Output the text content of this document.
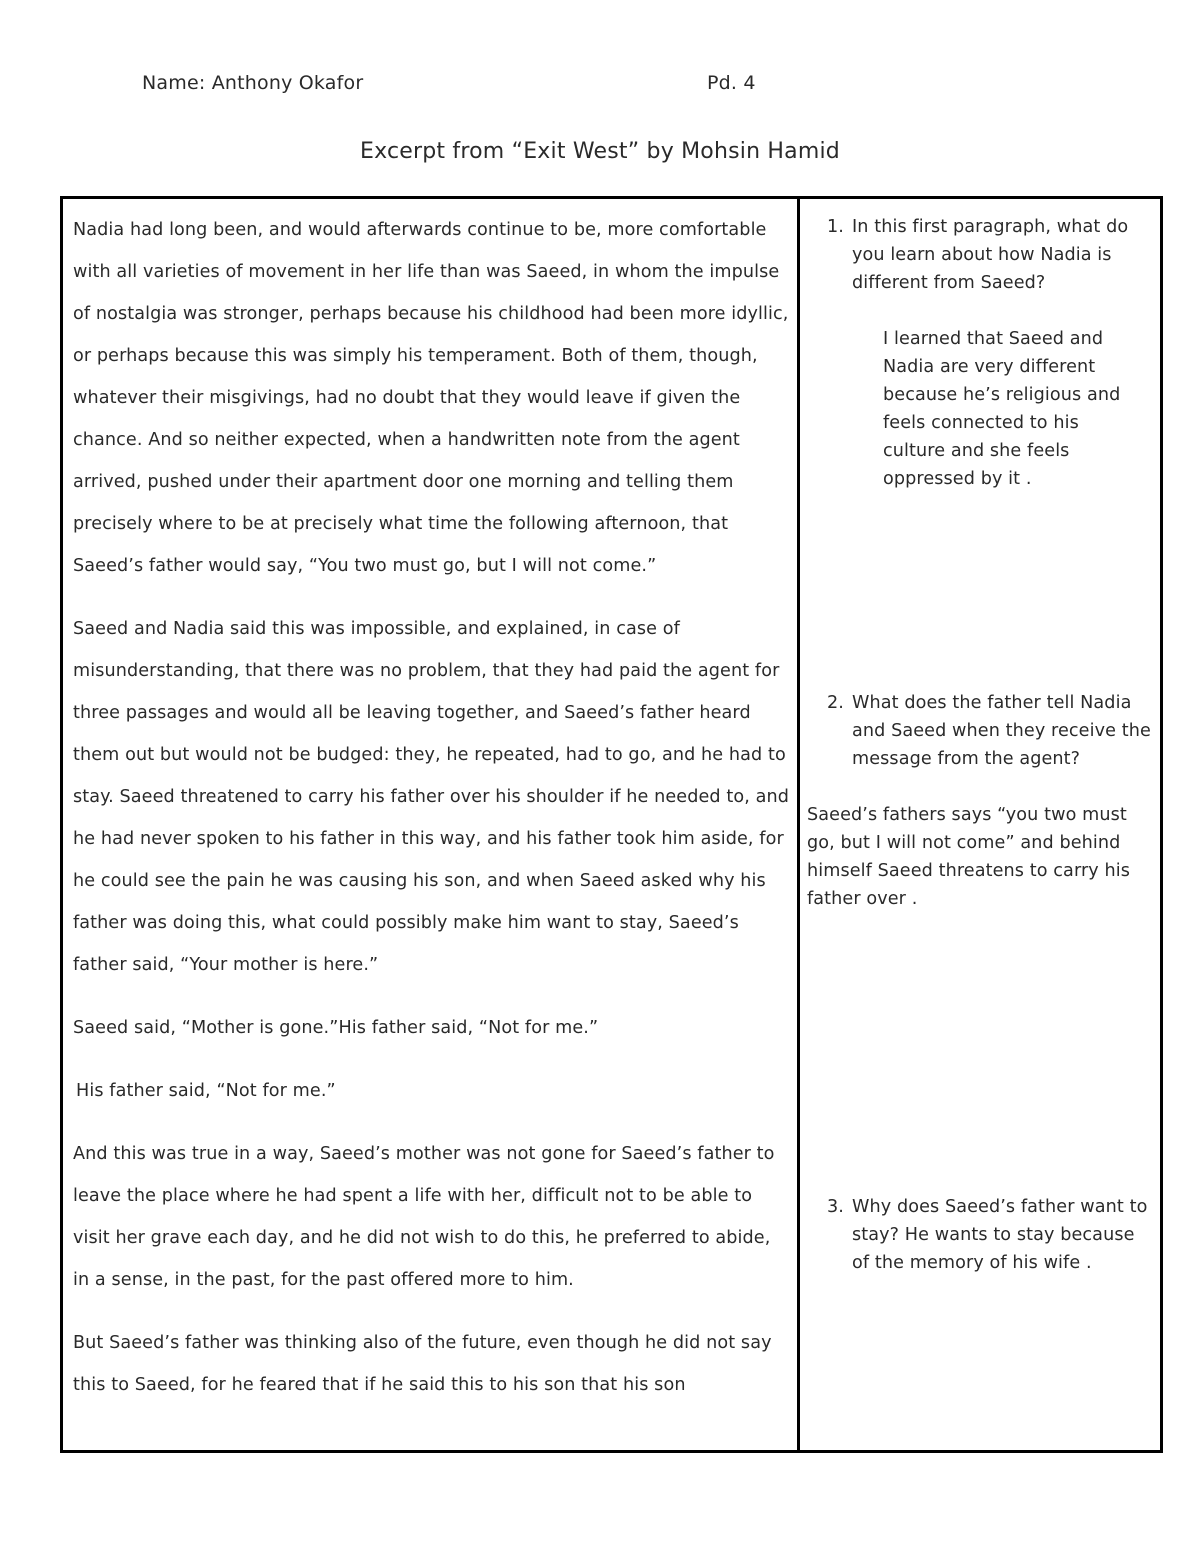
Name: Anthony Okafor	Pd. 4
Excerpt from “Exit West” by Mohsin Hamid

Nadia had long been, and would afterwards continue to be, more comfortable with all varieties of movement in her life than was Saeed, in whom the impulse of nostalgia was stronger, perhaps because his childhood had been more idyllic, or perhaps because this was simply his temperament. Both of them, though, whatever their misgivings, had no doubt that they would leave if given the chance. And so neither expected, when a handwritten note from the agent arrived, pushed under their apartment door one morning and telling them precisely where to be at precisely what time the following afternoon, that Saeed’s father would say, “You two must go, but I will not come.”

Saeed and Nadia said this was impossible, and explained, in case of misunderstanding, that there was no problem, that they had paid the agent for three passages and would all be leaving together, and Saeed’s father heard them out but would not be budged: they, he repeated, had to go, and he had to stay. Saeed threatened to carry his father over his shoulder if he needed to, and he had never spoken to his father in this way, and his father took him aside, for he could see the pain he was causing his son, and when Saeed asked why his father was doing this, what could possibly make him want to stay, Saeed’s father said, “Your mother is here.”

Saeed said, “Mother is gone.”His father said, “Not for me.”

His father said, “Not for me.”

And this was true in a way, Saeed’s mother was not gone for Saeed’s father to leave the place where he had spent a life with her, difficult not to be able to visit her grave each day, and he did not wish to do this, he preferred to abide, in a sense, in the past, for the past offered more to him.

But Saeed’s father was thinking also of the future, even though he did not say this to Saeed, for he feared that if he said this to his son that his son

1. In this first paragraph, what do you learn about how Nadia is different from Saeed?
I learned that Saeed and Nadia are very different because he’s religious and feels connected to his culture and she feels oppressed by it .
2. What does the father tell Nadia and Saeed when they receive the message from the agent?
Saeed’s fathers says “you two must go, but I will not come” and behind himself Saeed threatens to carry his father over .
3. Why does Saeed’s father want to stay? He wants to stay because of the memory of his wife .
